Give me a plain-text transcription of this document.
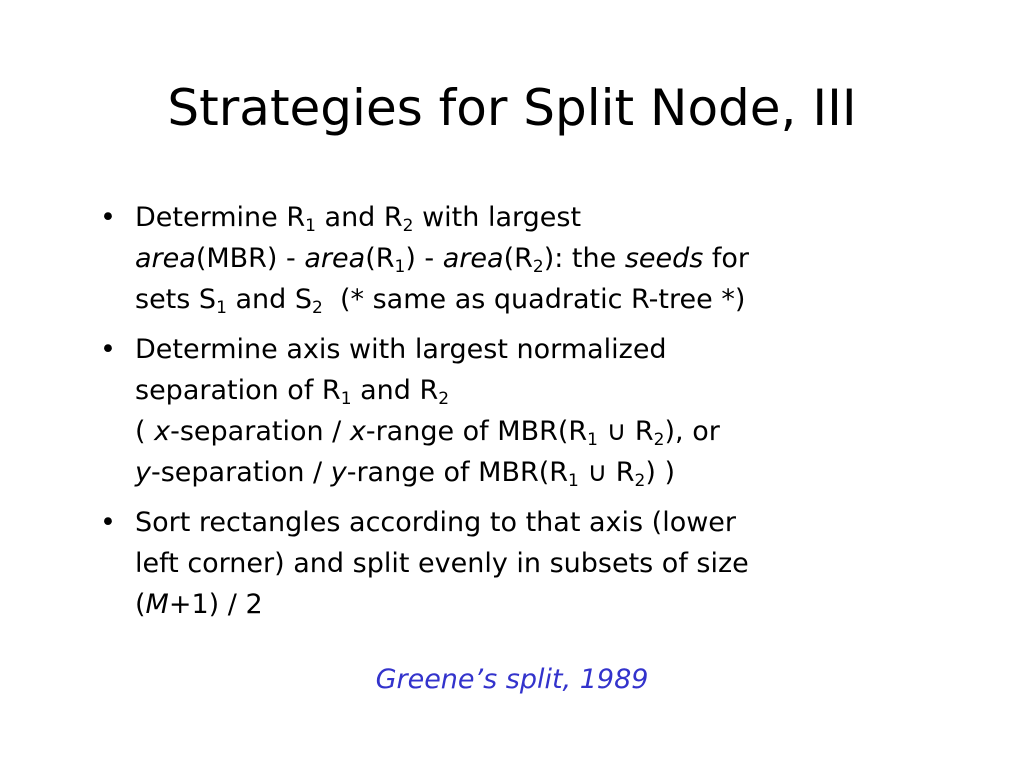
Strategies for Split Node, III
• Determine $R_1$ and $R_2$ with largest
area(MBR) - $area(R_1)$ - $area(R_2)$: the seeds for
sets $S_1$ and $S_2$  (* same as quadratic R-tree *)
• Determine axis with largest normalized
separation of $R_1$ and $R_2$
( x-separation / x-range of $MBR(R_1$ ∪ $R_2$), or
y-separation / y-range of $MBR(R_1$ ∪ $R_2$) )
• Sort rectangles according to that axis (lower
left corner) and split evenly in subsets of size
(M+1) / 2
Greene’s split, 1989
